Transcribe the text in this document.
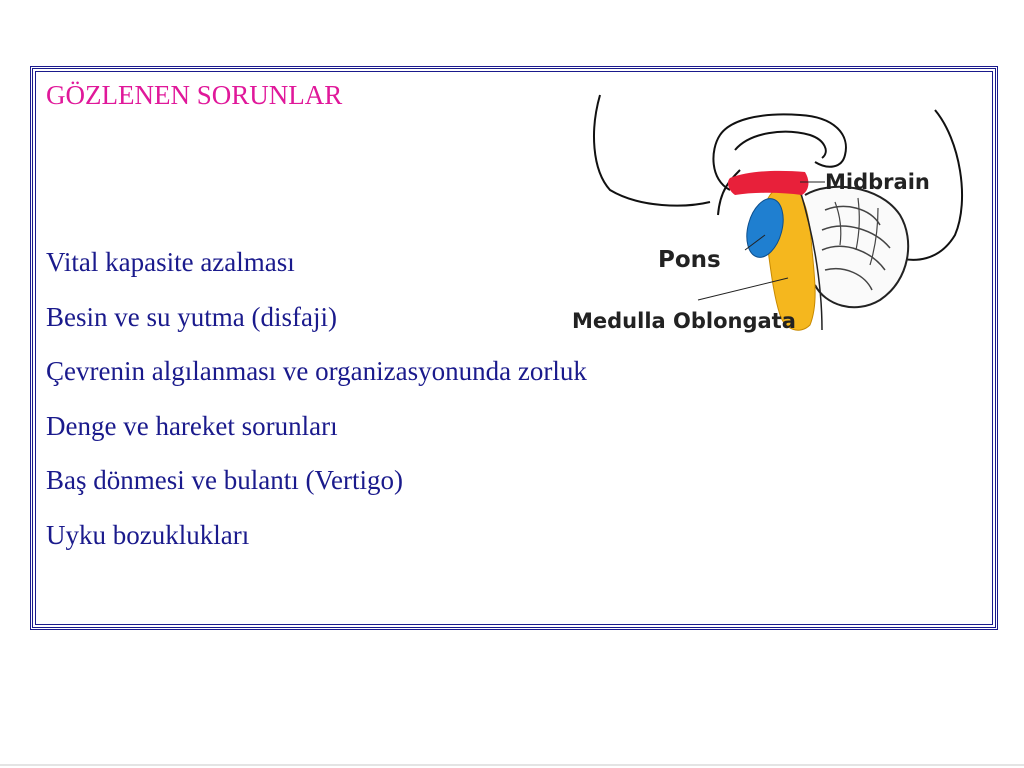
GÖZLENEN SORUNLAR
Vital kapasite azalması
Besin ve su yutma (disfaji)
Çevrenin algılanması ve organizasyonunda zorluk
Denge ve hareket sorunları
Baş dönmesi ve bulantı (Vertigo)
Uyku bozuklukları
Midbrain
Pons
Medulla Oblongata
